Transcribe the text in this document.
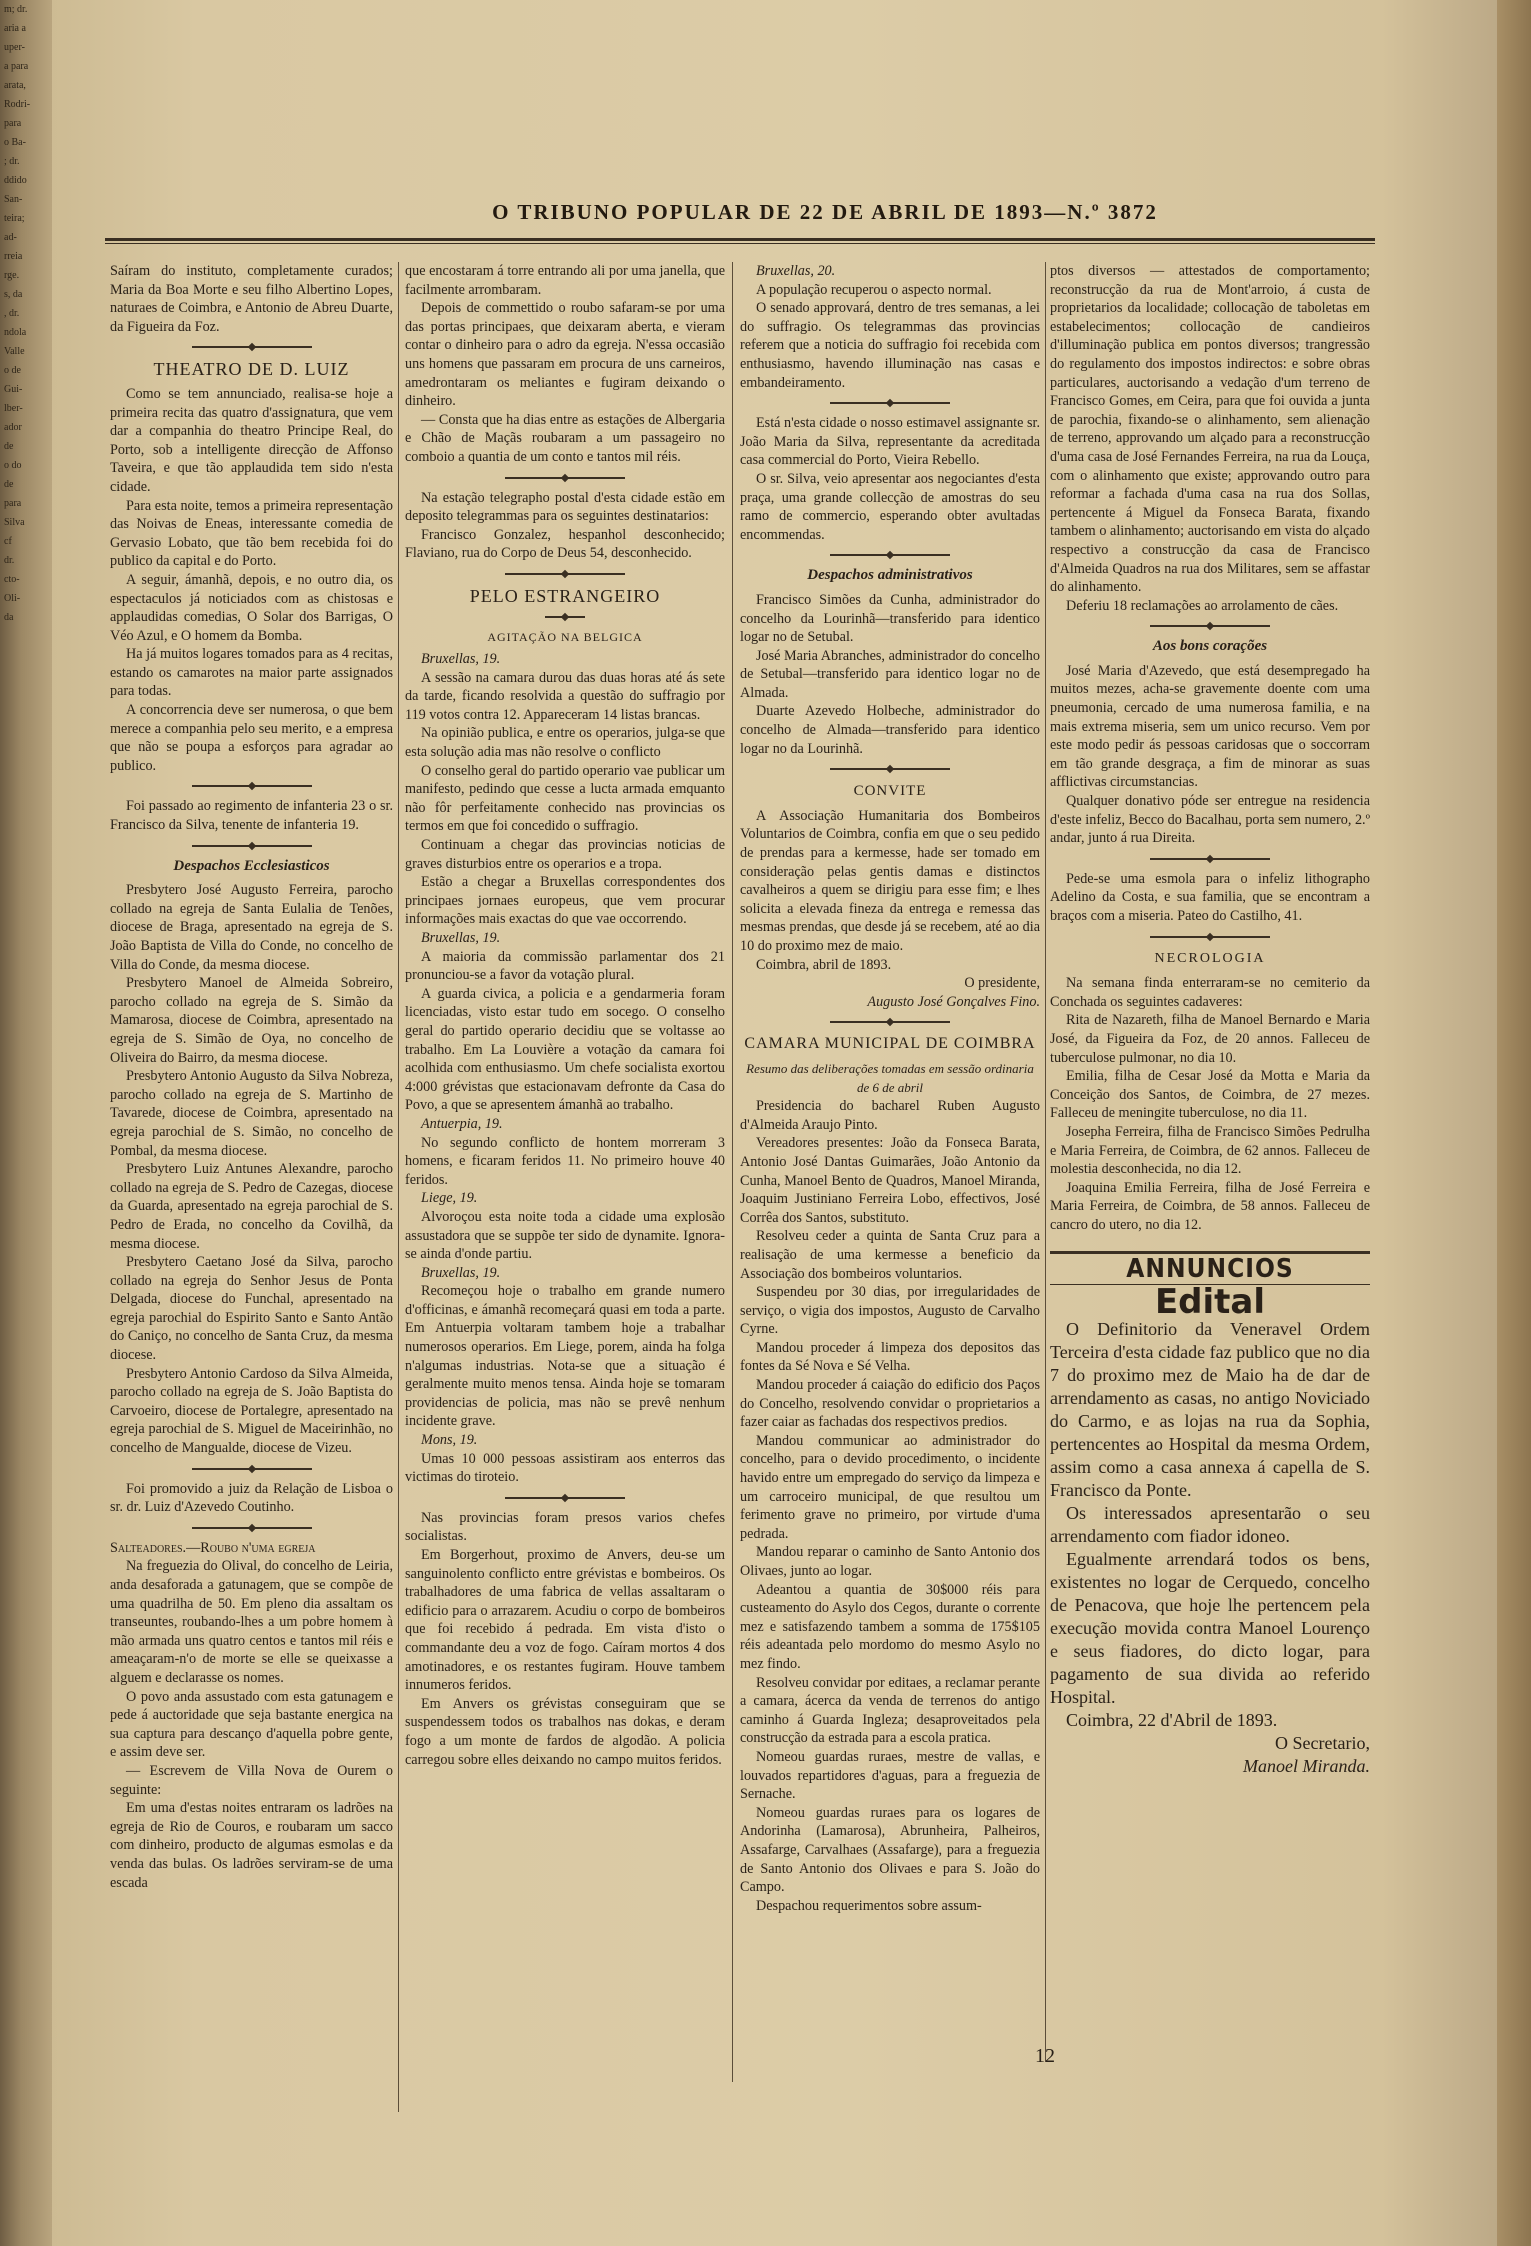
m; dr.
aria a
uper-
a para
arata,
Rodri-
para
o Ba-
; dr.
ddido
San-
teira;
ad-
rreia
rge.
s, da
, dr.
ndola
Valle
o de
Gui-
lber-
ador
de
o do
de
para
Silva
cf
dr.
cto-
Oli-
da
O TRIBUNO POPULAR DE 22 DE ABRIL DE 1893—N.º 3872

Saíram do instituto, completamente curados; Maria da Boa Morte e seu filho Albertino Lopes, naturaes de Coimbra, e Antonio de Abreu Duarte, da Figueira da Foz.

THEATRO DE D. LUIZ

Como se tem annunciado, realisa-se hoje a primeira recita das quatro d'assignatura, que vem dar a companhia do theatro Principe Real, do Porto, sob a intelligente direcção de Affonso Taveira, e que tão applaudida tem sido n'esta cidade.

Para esta noite, temos a primeira representação das Noivas de Eneas, interessante comedia de Gervasio Lobato, que tão bem recebida foi do publico da capital e do Porto.

A seguir, ámanhã, depois, e no outro dia, os espectaculos já noticiados com as chistosas e applaudidas comedias, O Solar dos Barrigas, O Véo Azul, e O homem da Bomba.

Ha já muitos logares tomados para as 4 recitas, estando os camarotes na maior parte assignados para todas.

A concorrencia deve ser numerosa, o que bem merece a companhia pelo seu merito, e a empresa que não se poupa a esforços para agradar ao publico.

Foi passado ao regimento de infanteria 23 o sr. Francisco da Silva, tenente de infanteria 19.

Despachos Ecclesiasticos

Presbytero José Augusto Ferreira, parocho collado na egreja de Santa Eulalia de Tenões, diocese de Braga, apresentado na egreja de S. João Baptista de Villa do Conde, no concelho de Villa do Conde, da mesma diocese.

Presbytero Manoel de Almeida Sobreiro, parocho collado na egreja de S. Simão da Mamarosa, diocese de Coimbra, apresentado na egreja de S. Simão de Oya, no concelho de Oliveira do Bairro, da mesma diocese.

Presbytero Antonio Augusto da Silva Nobreza, parocho collado na egreja de S. Martinho de Tavarede, diocese de Coimbra, apresentado na egreja parochial de S. Simão, no concelho de Pombal, da mesma diocese.

Presbytero Luiz Antunes Alexandre, parocho collado na egreja de S. Pedro de Cazegas, diocese da Guarda, apresentado na egreja parochial de S. Pedro de Erada, no concelho da Covilhã, da mesma diocese.

Presbytero Caetano José da Silva, parocho collado na egreja do Senhor Jesus de Ponta Delgada, diocese do Funchal, apresentado na egreja parochial do Espirito Santo e Santo Antão do Caniço, no concelho de Santa Cruz, da mesma diocese.

Presbytero Antonio Cardoso da Silva Almeida, parocho collado na egreja de S. João Baptista do Carvoeiro, diocese de Portalegre, apresentado na egreja parochial de S. Miguel de Maceirinhão, no concelho de Mangualde, diocese de Vizeu.

Foi promovido a juiz da Relação de Lisboa o sr. dr. Luiz d'Azevedo Coutinho.

Salteadores.—Roubo n'uma egreja

Na freguezia do Olival, do concelho de Leiria, anda desaforada a gatunagem, que se compõe de uma quadrilha de 50. Em pleno dia assaltam os transeuntes, roubando-lhes a um pobre homem à mão armada uns quatro centos e tantos mil réis e ameaçaram-n'o de morte se elle se queixasse a alguem e declarasse os nomes.

O povo anda assustado com esta gatunagem e pede á auctoridade que seja bastante energica na sua captura para descanço d'aquella pobre gente, e assim deve ser.

— Escrevem de Villa Nova de Ourem o seguinte:

Em uma d'estas noites entraram os ladrões na egreja de Rio de Couros, e roubaram um sacco com dinheiro, producto de algumas esmolas e da venda das bulas. Os ladrões serviram-se de uma escada

que encostaram á torre entrando ali por uma janella, que facilmente arrombaram.

Depois de commettido o roubo safaram-se por uma das portas principaes, que deixaram aberta, e vieram contar o dinheiro para o adro da egreja. N'essa occasião uns homens que passaram em procura de uns carneiros, amedrontaram os meliantes e fugiram deixando o dinheiro.

— Consta que ha dias entre as estações de Albergaria e Chão de Maçãs roubaram a um passageiro no comboio a quantia de um conto e tantos mil réis.

Na estação telegrapho postal d'esta cidade estão em deposito telegrammas para os seguintes destinatarios:

Francisco Gonzalez, hespanhol desconhecido; Flaviano, rua do Corpo de Deus 54, desconhecido.

PELO ESTRANGEIRO
AGITAÇÃO NA BELGICA

Bruxellas, 19.

A sessão na camara durou das duas horas até ás sete da tarde, ficando resolvida a questão do suffragio por 119 votos contra 12. Appareceram 14 listas brancas.

Na opinião publica, e entre os operarios, julga-se que esta solução adia mas não resolve o conflicto

O conselho geral do partido operario vae publicar um manifesto, pedindo que cesse a lucta armada emquanto não fôr perfeitamente conhecido nas provincias os termos em que foi concedido o suffragio.

Continuam a chegar das provincias noticias de graves disturbios entre os operarios e a tropa.

Estão a chegar a Bruxellas correspondentes dos principaes jornaes europeus, que vem procurar informações mais exactas do que vae occorrendo.

Bruxellas, 19.

A maioria da commissão parlamentar dos 21 pronunciou-se a favor da votação plural.

A guarda civica, a policia e a gendarmeria foram licenciadas, visto estar tudo em socego. O conselho geral do partido operario decidiu que se voltasse ao trabalho. Em La Louvière a votação da camara foi acolhida com enthusiasmo. Um chefe socialista exortou 4:000 grévistas que estacionavam defronte da Casa do Povo, a que se apresentem ámanhã ao trabalho.

Antuerpia, 19.

No segundo conflicto de hontem morreram 3 homens, e ficaram feridos 11. No primeiro houve 40 feridos.

Liege, 19.

Alvoroçou esta noite toda a cidade uma explosão assustadora que se suppõe ter sido de dynamite. Ignora-se ainda d'onde partiu.

Bruxellas, 19.

Recomeçou hoje o trabalho em grande numero d'officinas, e ámanhã recomeçará quasi em toda a parte. Em Antuerpia voltaram tambem hoje a trabalhar numerosos operarios. Em Liege, porem, ainda ha folga n'algumas industrias. Nota-se que a situação é geralmente muito menos tensa. Ainda hoje se tomaram providencias de policia, mas não se prevê nenhum incidente grave.

Mons, 19.

Umas 10 000 pessoas assistiram aos enterros das victimas do tiroteio.

Nas provincias foram presos varios chefes socialistas.

Em Borgerhout, proximo de Anvers, deu-se um sanguinolento conflicto entre grévistas e bombeiros. Os trabalhadores de uma fabrica de vellas assaltaram o edificio para o arrazarem. Acudiu o corpo de bombeiros que foi recebido á pedrada. Em vista d'isto o commandante deu a voz de fogo. Caíram mortos 4 dos amotinadores, e os restantes fugiram. Houve tambem innumeros feridos.

Em Anvers os grévistas conseguiram que se suspendessem todos os trabalhos nas dokas, e deram fogo a um monte de fardos de algodão. A policia carregou sobre elles deixando no campo muitos feridos.

Bruxellas, 20.

A população recuperou o aspecto normal.

O senado approvará, dentro de tres semanas, a lei do suffragio. Os telegrammas das provincias referem que a noticia do suffragio foi recebida com enthusiasmo, havendo illuminação nas casas e embandeiramento.

Está n'esta cidade o nosso estimavel assignante sr. João Maria da Silva, representante da acreditada casa commercial do Porto, Vieira Rebello.

O sr. Silva, veio apresentar aos negociantes d'esta praça, uma grande collecção de amostras do seu ramo de commercio, esperando obter avultadas encommendas.

Despachos administrativos

Francisco Simões da Cunha, administrador do concelho da Lourinhã—transferido para identico logar no de Setubal.

José Maria Abranches, administrador do concelho de Setubal—transferido para identico logar no de Almada.

Duarte Azevedo Holbeche, administrador do concelho de Almada—transferido para identico logar no da Lourinhã.

CONVITE

A Associação Humanitaria dos Bombeiros Voluntarios de Coimbra, confia em que o seu pedido de prendas para a kermesse, hade ser tomado em consideração pelas gentis damas e distinctos cavalheiros a quem se dirigiu para esse fim; e lhes solicita a elevada fineza da entrega e remessa das mesmas prendas, que desde já se recebem, até ao dia 10 do proximo mez de maio.

Coimbra, abril de 1893.

O presidente,

Augusto José Gonçalves Fino.

CAMARA MUNICIPAL DE COIMBRA

Resumo das deliberações tomadas em sessão ordinaria de 6 de abril

Presidencia do bacharel Ruben Augusto d'Almeida Araujo Pinto.

Vereadores presentes: João da Fonseca Barata, Antonio José Dantas Guimarães, João Antonio da Cunha, Manoel Bento de Quadros, Manoel Miranda, Joaquim Justiniano Ferreira Lobo, effectivos, José Corrêa dos Santos, substituto.

Resolveu ceder a quinta de Santa Cruz para a realisação de uma kermesse a beneficio da Associação dos bombeiros voluntarios.

Suspendeu por 30 dias, por irregularidades de serviço, o vigia dos impostos, Augusto de Carvalho Cyrne.

Mandou proceder á limpeza dos depositos das fontes da Sé Nova e Sé Velha.

Mandou proceder á caiação do edificio dos Paços do Concelho, resolvendo convidar o proprietarios a fazer caiar as fachadas dos respectivos predios.

Mandou communicar ao administrador do concelho, para o devido procedimento, o incidente havido entre um empregado do serviço da limpeza e um carroceiro municipal, de que resultou um ferimento grave no primeiro, por virtude d'uma pedrada.

Mandou reparar o caminho de Santo Antonio dos Olivaes, junto ao logar.

Adeantou a quantia de 30$000 réis para custeamento do Asylo dos Cegos, durante o corrente mez e satisfazendo tambem a somma de 175$105 réis adeantada pelo mordomo do mesmo Asylo no mez findo.

Resolveu convidar por editaes, a reclamar perante a camara, ácerca da venda de terrenos do antigo caminho á Guarda Ingleza; desaproveitados pela construcção da estrada para a escola pratica.

Nomeou guardas ruraes, mestre de vallas, e louvados repartidores d'aguas, para a freguezia de Sernache.

Nomeou guardas ruraes para os logares de Andorinha (Lamarosa), Abrunheira, Palheiros, Assafarge, Carvalhaes (Assafarge), para a freguezia de Santo Antonio dos Olivaes e para S. João do Campo.

Despachou requerimentos sobre assum-

ptos diversos — attestados de comportamento; reconstrucção da rua de Mont'arroio, á custa de proprietarios da localidade; collocação de taboletas em estabelecimentos; collocação de candieiros d'illuminação publica em pontos diversos; trangressão do regulamento dos impostos indirectos: e sobre obras particulares, auctorisando a vedação d'um terreno de Francisco Gomes, em Ceira, para que foi ouvida a junta de parochia, fixando-se o alinhamento, sem alienação de terreno, approvando um alçado para a reconstrucção d'uma casa de José Fernandes Ferreira, na rua da Louça, com o alinhamento que existe; approvando outro para reformar a fachada d'uma casa na rua dos Sollas, pertencente á Miguel da Fonseca Barata, fixando tambem o alinhamento; auctorisando em vista do alçado respectivo a construcção da casa de Francisco d'Almeida Quadros na rua dos Militares, sem se affastar do alinhamento.

Deferiu 18 reclamações ao arrolamento de cães.

Aos bons corações

José Maria d'Azevedo, que está desempregado ha muitos mezes, acha-se gravemente doente com uma pneumonia, cercado de uma numerosa familia, e na mais extrema miseria, sem um unico recurso. Vem por este modo pedir ás pessoas caridosas que o soccorram em tão grande desgraça, a fim de minorar as suas afflictivas circumstancias.

Qualquer donativo póde ser entregue na residencia d'este infeliz, Becco do Bacalhau, porta sem numero, 2.º andar, junto á rua Direita.

Pede-se uma esmola para o infeliz lithographo Adelino da Costa, e sua familia, que se encontram a braços com a miseria. Pateo do Castilho, 41.

NECROLOGIA

Na semana finda enterraram-se no cemiterio da Conchada os seguintes cadaveres:

Rita de Nazareth, filha de Manoel Bernardo e Maria José, da Figueira da Foz, de 20 annos. Falleceu de tuberculose pulmonar, no dia 10.

Emilia, filha de Cesar José da Motta e Maria da Conceição dos Santos, de Coimbra, de 27 mezes. Falleceu de meningite tuberculose, no dia 11.

Josepha Ferreira, filha de Francisco Simões Pedrulha e Maria Ferreira, de Coimbra, de 62 annos. Falleceu de molestia desconhecida, no dia 12.

Joaquina Emilia Ferreira, filha de José Ferreira e Maria Ferreira, de Coimbra, de 58 annos. Falleceu de cancro do utero, no dia 12.

ANNUNCIOS
Edital

O Definitorio da Veneravel Ordem Terceira d'esta cidade faz publico que no dia 7 do proximo mez de Maio ha de dar de arrendamento as casas, no antigo Noviciado do Carmo, e as lojas na rua da Sophia, pertencentes ao Hospital da mesma Ordem, assim como a casa annexa á capella de S. Francisco da Ponte.

Os interessados apresentarão o seu arrendamento com fiador idoneo.

Egualmente arrendará todos os bens, existentes no logar de Cerquedo, concelho de Penacova, que hoje lhe pertencem pela execução movida contra Manoel Lourenço e seus fiadores, do dicto logar, para pagamento de sua divida ao referido Hospital.

Coimbra, 22 d'Abril de 1893.

O Secretario,

Manoel Miranda.

12
